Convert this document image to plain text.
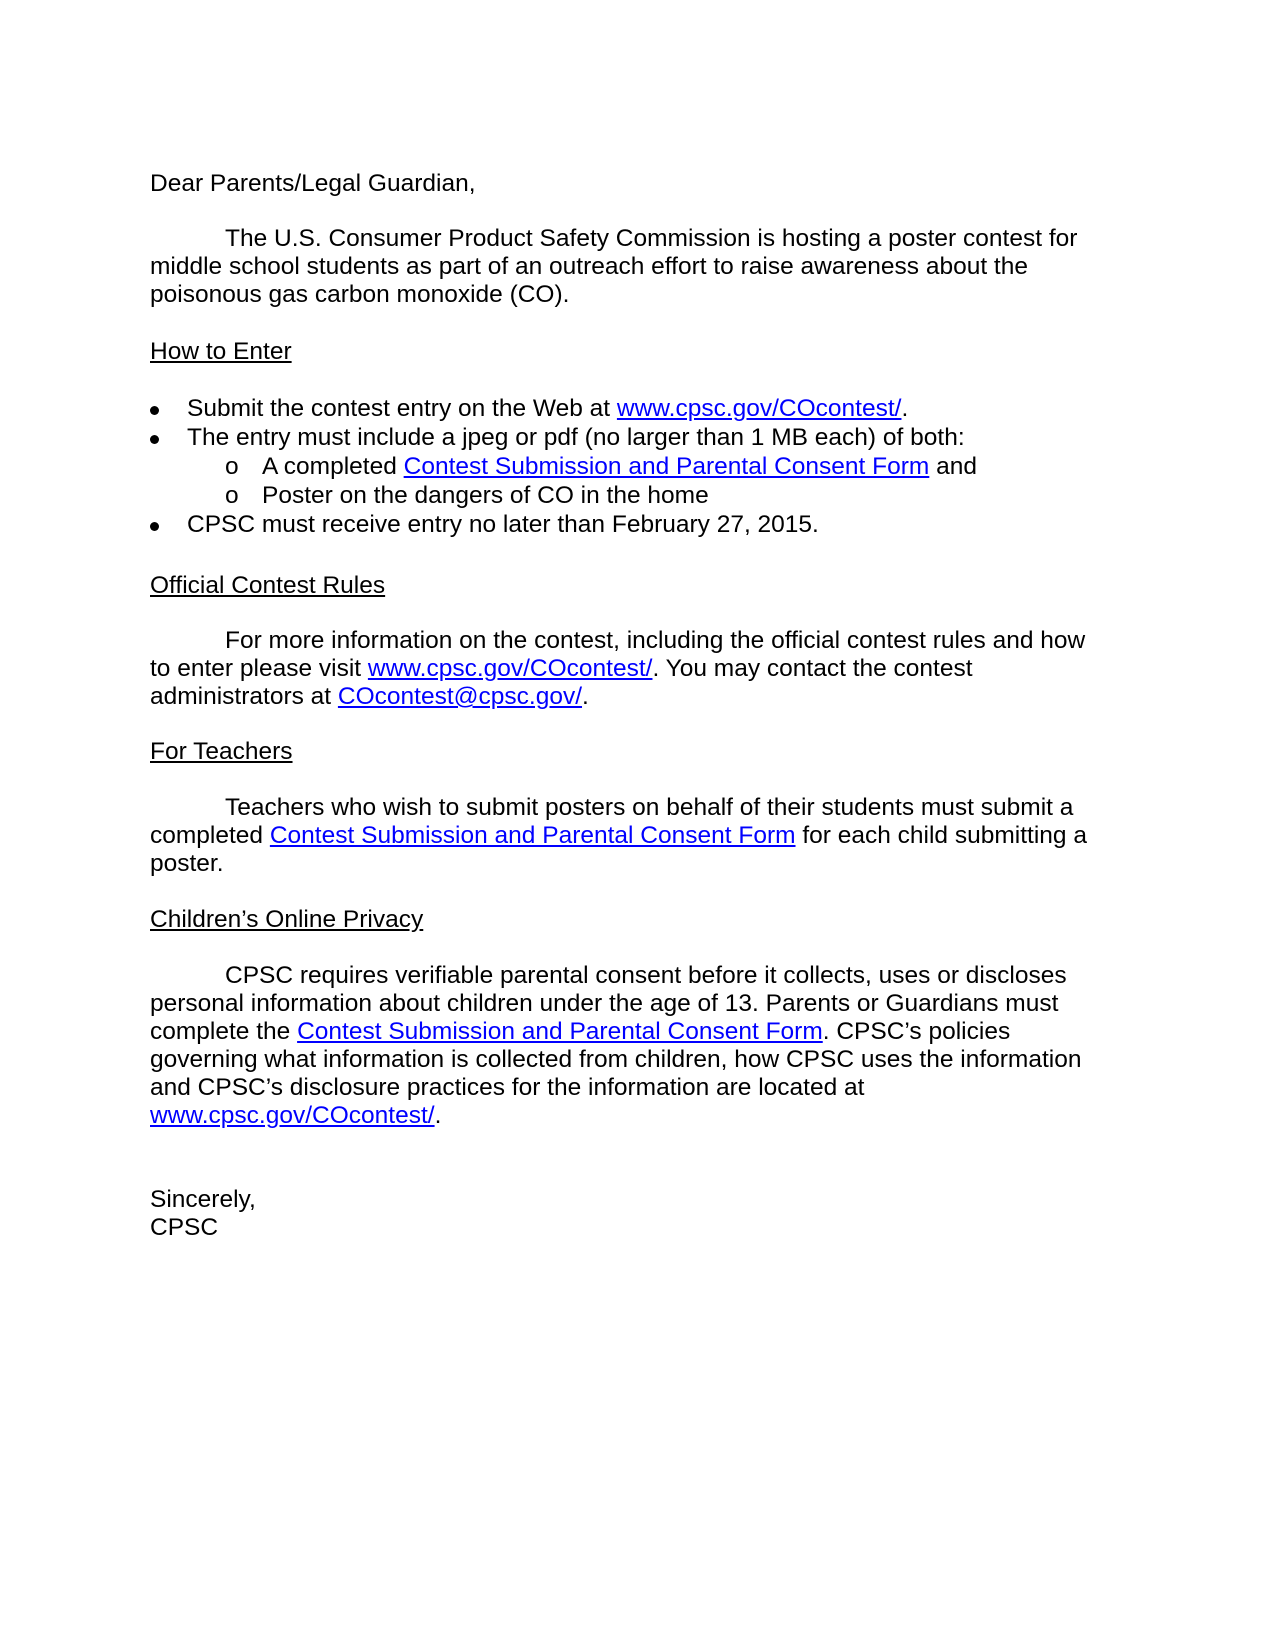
Dear Parents/Legal Guardian,
The U.S. Consumer Product Safety Commission is hosting a poster contest for
middle school students as part of an outreach effort to raise awareness about the
poisonous gas carbon monoxide (CO).
How to Enter
Submit the contest entry on the Web at www.cpsc.gov/COcontest/.
The entry must include a jpeg or pdf (no larger than 1 MB each) of both:
o A completed Contest Submission and Parental Consent Form and
o Poster on the dangers of CO in the home
CPSC must receive entry no later than February 27, 2015.
Official Contest Rules
For more information on the contest, including the official contest rules and how
to enter please visit www.cpsc.gov/COcontest/. You may contact the contest
administrators at COcontest@cpsc.gov/.
For Teachers
Teachers who wish to submit posters on behalf of their students must submit a
completed Contest Submission and Parental Consent Form for each child submitting a
poster.
Children’s Online Privacy
CPSC requires verifiable parental consent before it collects, uses or discloses
personal information about children under the age of 13. Parents or Guardians must
complete the Contest Submission and Parental Consent Form. CPSC’s policies
governing what information is collected from children, how CPSC uses the information
and CPSC’s disclosure practices for the information are located at
www.cpsc.gov/COcontest/.
Sincerely,
CPSC
